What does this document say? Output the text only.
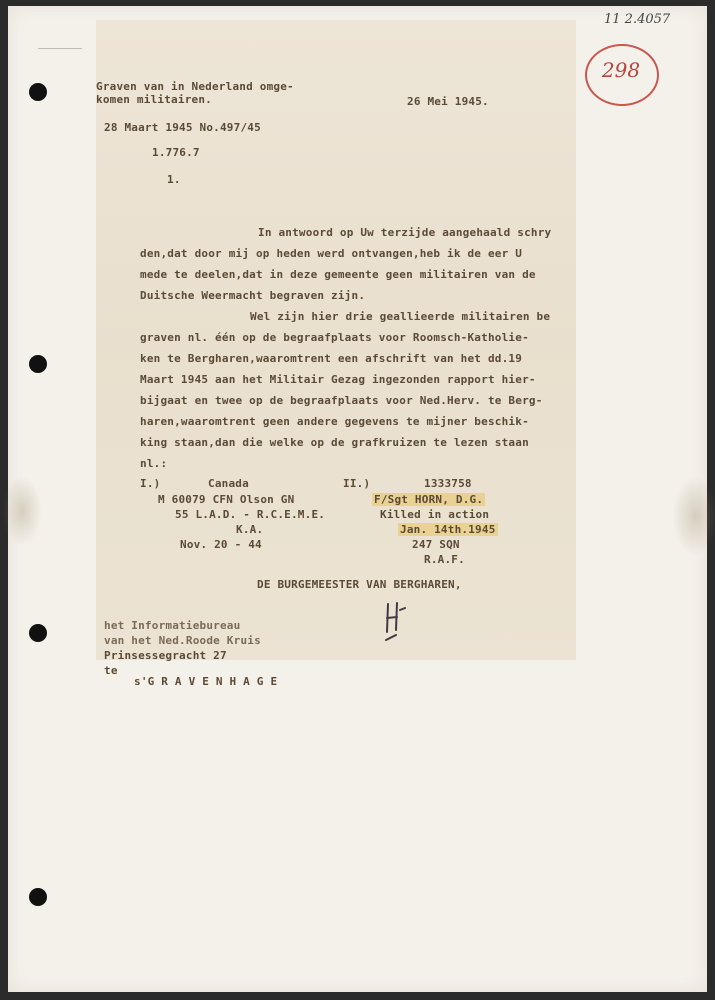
11 2.4057
298

Graven van in Nederland omge-

komen militairen.	26 Mei 1945.

28 Maart 1945 No.497/45

1.776.7

1.

In antwoord op Uw terzijde aangehaald schry

den,dat door mij op heden werd ontvangen,heb ik de eer U

mede te deelen,dat in deze gemeente geen militairen van de

Duitsche Weermacht begraven zijn.

Wel zijn hier drie geallieerde militairen be

graven nl. één op de begraafplaats voor Roomsch-Katholie-

ken te Bergharen,waaromtrent een afschrift van het dd.19

Maart 1945 aan het Militair Gezag ingezonden rapport hier-

bijgaat en twee op de begraafplaats voor Ned.Herv. te Berg-

haren,waaromtrent geen andere gegevens te mijner beschik-

king staan,dan die welke op de grafkruizen te lezen staan

nl.:

I.)	Canada

M 60079 CFN Olson GN

55 L.A.D. - R.C.E.M.E.

K.A.

Nov. 20 - 44

II.)	1333758

F/Sgt HORN, D.G.

Killed in action

Jan. 14th.1945

247 SQN

R.A.F.

DE BURGEMEESTER VAN BERGHAREN,

het Informatiebureau

van het Ned.Roode Kruis

Prinsessegracht 27

te

s'G R A V E N H A G E
